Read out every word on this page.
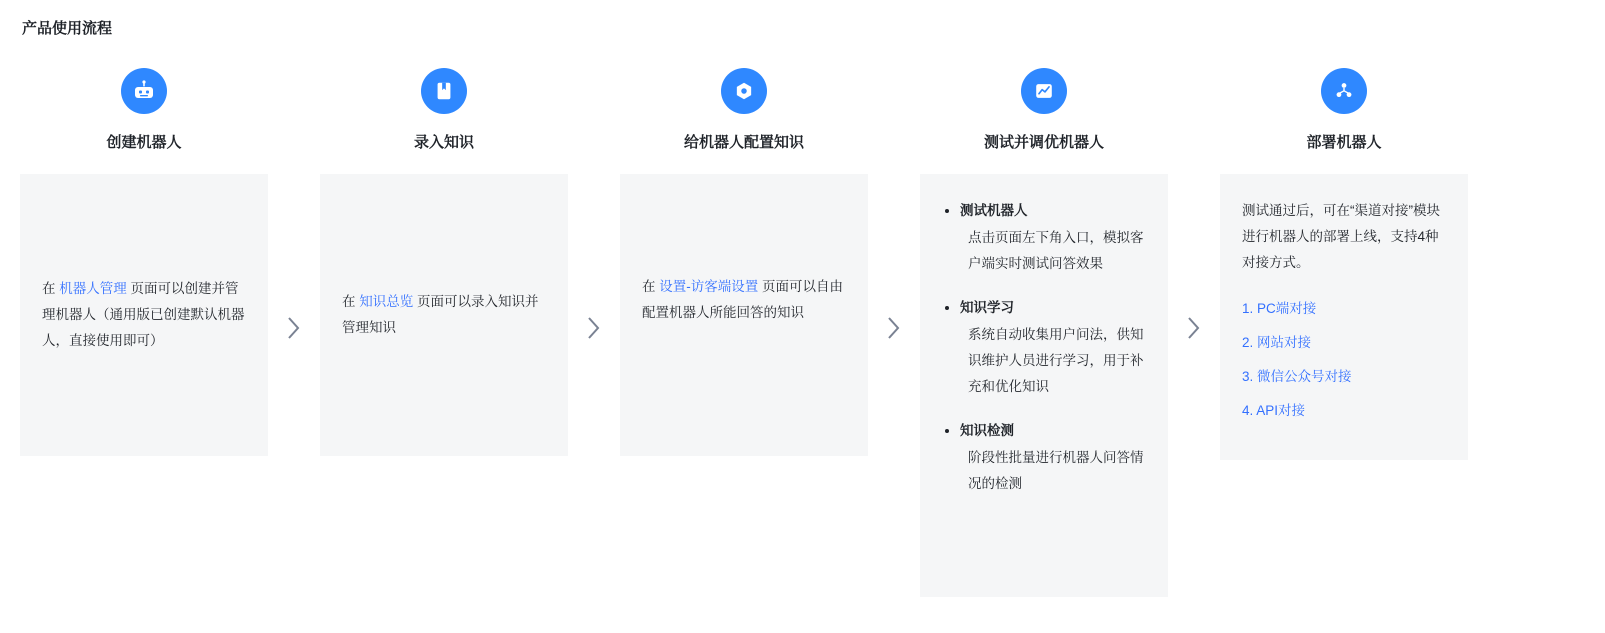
产品使用流程
创建机器人

在 机器人管理 页面可以创建并管理机器人（通用版已创建默认机器人，直接使用即可）

录入知识

在 知识总览 页面可以录入知识并管理知识

给机器人配置知识

在 设置-访客端设置 页面可以自由配置机器人所能回答的知识

测试并调优机器人
• 测试机器人
点击页面左下角入口，模拟客户端实时测试问答效果
• 知识学习
系统自动收集用户问法，供知识维护人员进行学习，用于补充和优化知识
• 知识检测
阶段性批量进行机器人问答情况的检测
部署机器人

测试通过后，可在“渠道对接”模块进行机器人的部署上线，支持4种对接方式。

1. PC端对接
2. 网站对接
3. 微信公众号对接
4. API对接
